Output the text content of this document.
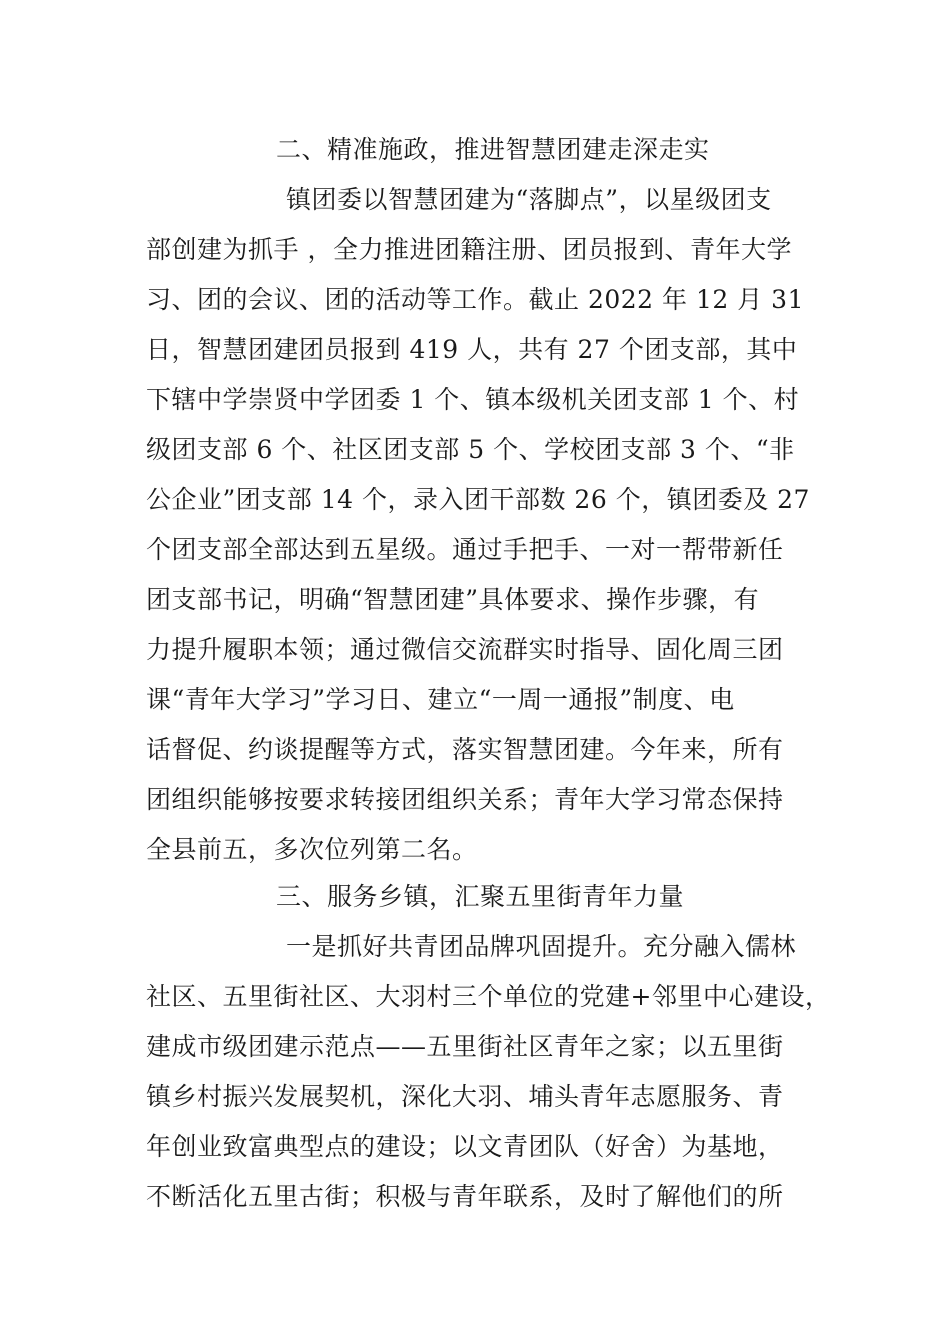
二、精准施政，推进智慧团建走深走实
镇团委以智慧团建为“落脚点”，以星级团支
部创建为抓手 ，全力推进团籍注册、团员报到、青年大学
习、团的会议、团的活动等工作。截止 2022 年 12 月 31
日，智慧团建团员报到 419 人，共有 27 个团支部，其中
下辖中学崇贤中学团委 1 个、镇本级机关团支部 1 个、村
级团支部 6 个、社区团支部 5 个、学校团支部 3 个、“非
公企业”团支部 14 个，录入团干部数 26 个，镇团委及 27
个团支部全部达到五星级。通过手把手、一对一帮带新任
团支部书记，明确“智慧团建”具体要求、操作步骤，有
力提升履职本领；通过微信交流群实时指导、固化周三团
课“青年大学习”学习日、建立“一周一通报”制度、电
话督促、约谈提醒等方式，落实智慧团建。今年来，所有
团组织能够按要求转接团组织关系；青年大学习常态保持
全县前五，多次位列第二名。
三、服务乡镇，汇聚五里街青年力量
一是抓好共青团品牌巩固提升。充分融入儒林
社区、五里街社区、大羽村三个单位的党建+邻里中心建设，
建成市级团建示范点——五里街社区青年之家；以五里街
镇乡村振兴发展契机，深化大羽、埔头青年志愿服务、青
年创业致富典型点的建设；以文青团队（好舍）为基地，
不断活化五里古街；积极与青年联系，及时了解他们的所
